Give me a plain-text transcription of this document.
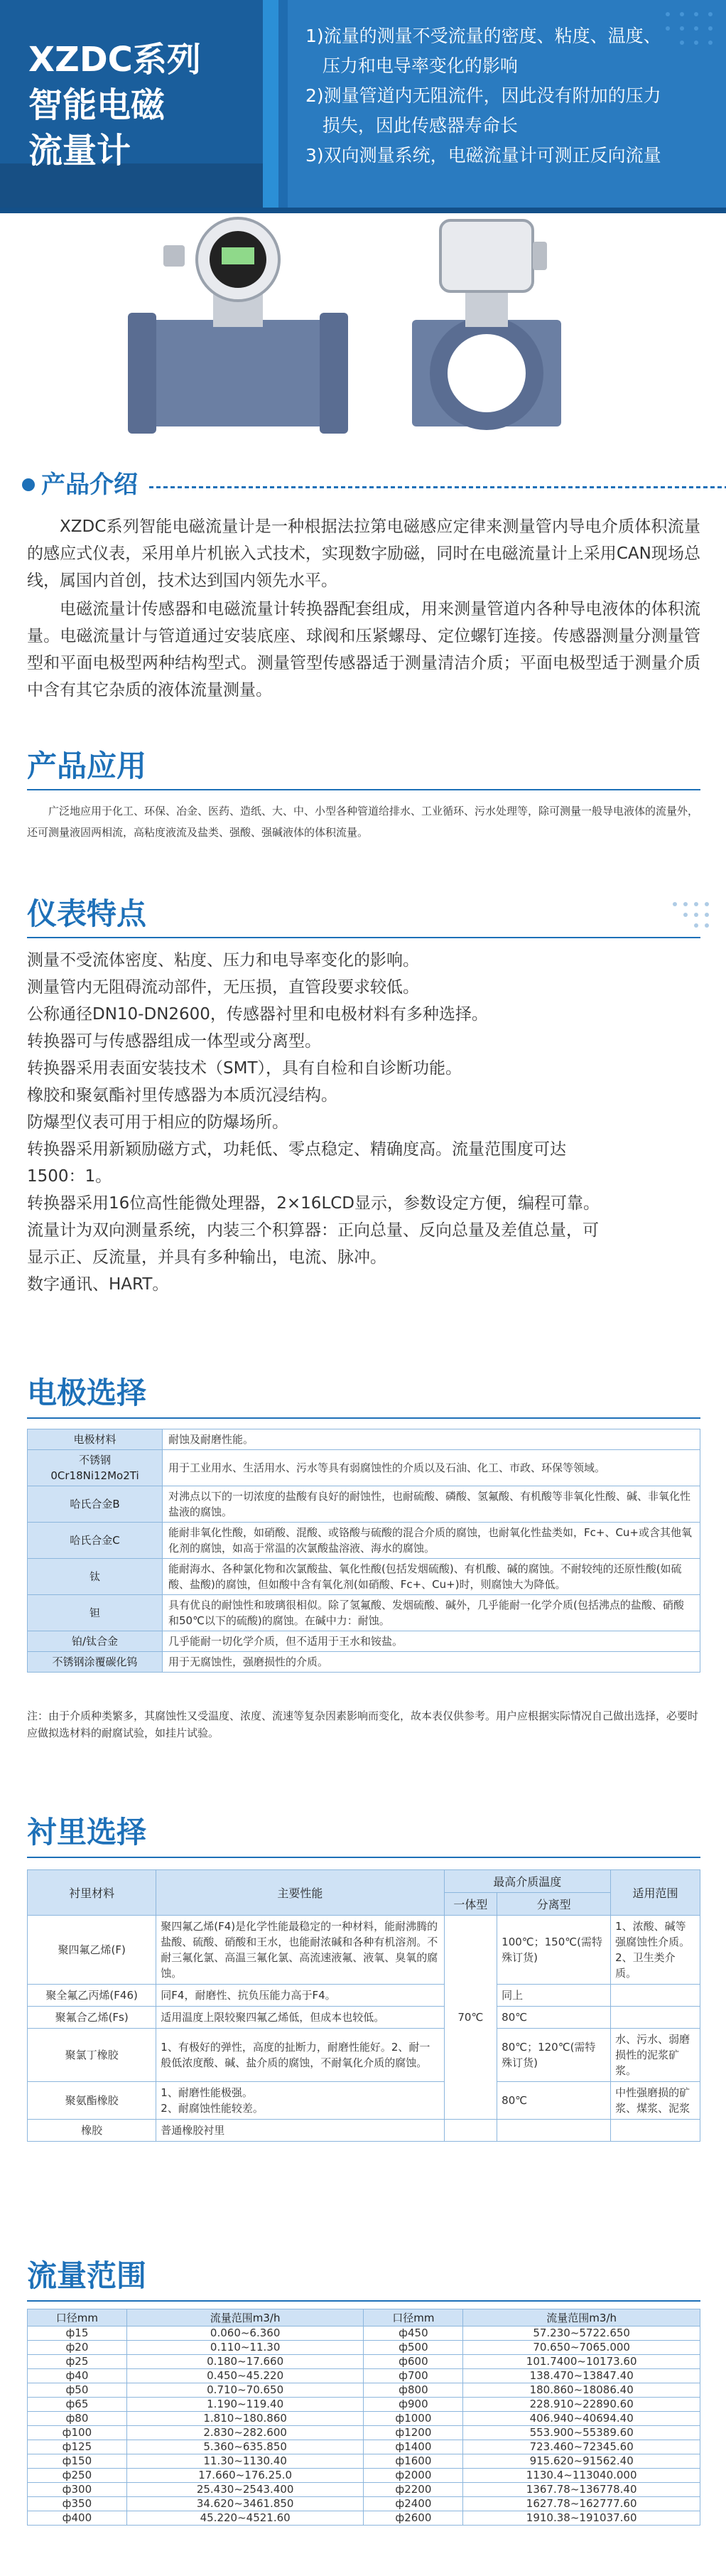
XZDC系列
智能电磁
流量计
1)流量的测量不受流量的密度、粘度、温度、
压力和电导率变化的影响
2)测量管道内无阻流件，因此没有附加的压力
损失，因此传感器寿命长
3)双向测量系统，电磁流量计可测正反向流量
产品介绍
XZDC系列智能电磁流量计是一种根据法拉第电磁感应定律来测量管内导电介质体积流量的感应式仪表，采用单片机嵌入式技术，实现数字励磁，同时在电磁流量计上采用CAN现场总线，属国内首创，技术达到国内领先水平。
电磁流量计传感器和电磁流量计转换器配套组成，用来测量管道内各种导电液体的体积流量。电磁流量计与管道通过安装底座、球阀和压紧螺母、定位螺钉连接。传感器测量分测量管型和平面电极型两种结构型式。测量管型传感器适于测量清洁介质；平面电极型适于测量介质中含有其它杂质的液体流量测量。
产品应用
广泛地应用于化工、环保、冶金、医药、造纸、大、中、小型各种管道给排水、工业循环、污水处理等，除可测量一般导电液体的流量外，还可测量液固两相流，高粘度液流及盐类、强酸、强碱液体的体积流量。
仪表特点
测量不受流体密度、粘度、压力和电导率变化的影响。
测量管内无阻碍流动部件，无压损，直管段要求较低。
公称通径DN10-DN2600，传感器衬里和电极材料有多种选择。
转换器可与传感器组成一体型或分离型。
转换器采用表面安装技术（SMT），具有自检和自诊断功能。
橡胶和聚氨酯衬里传感器为本质沉浸结构。
防爆型仪表可用于相应的防爆场所。
转换器采用新颖励磁方式，功耗低、零点稳定、精确度高。流量范围度可达
1500：1。
转换器采用16位高性能微处理器，2×16LCD显示，参数设定方便，编程可靠。
流量计为双向测量系统，内装三个积算器：正向总量、反向总量及差值总量，可
显示正、反流量，并具有多种输出，电流、脉冲。
数字通讯、HART。
电极选择
电极材料	耐蚀及耐磨性能。
不锈钢
0Cr18Ni12Mo2Ti	用于工业用水、生活用水、污水等具有弱腐蚀性的介质以及石油、化工、市政、环保等领域。
哈氏合金B	对沸点以下的一切浓度的盐酸有良好的耐蚀性，也耐硫酸、磷酸、氢氟酸、有机酸等非氧化性酸、碱、非氧化性盐液的腐蚀。
哈氏合金C	能耐非氧化性酸，如硝酸、混酸、或铬酸与硫酸的混合介质的腐蚀，也耐氧化性盐类如，Fc+、Cu+或含其他氧化剂的腐蚀，如高于常温的次氯酸盐溶液、海水的腐蚀。
钛	能耐海水、各种氯化物和次氯酸盐、氧化性酸(包括发烟硫酸)、有机酸、碱的腐蚀。不耐较纯的还原性酸(如硫酸、盐酸)的腐蚀，但如酸中含有氧化剂(如硝酸、Fc+、Cu+)时，则腐蚀大为降低。
钽	具有优良的耐蚀性和玻璃很相似。除了氢氟酸、发烟硫酸、碱外，几乎能耐一化学介质(包括沸点的盐酸、硝酸和50℃以下的硫酸)的腐蚀。在碱中力：耐蚀。
铂/钛合金	几乎能耐一切化学介质，但不适用于王水和铵盐。
不锈钢涂覆碳化钨	用于无腐蚀性，强磨损性的介质。
注：由于介质种类繁多，其腐蚀性又受温度、浓度、流速等复杂因素影响而变化，故本表仅供参考。用户应根据实际情况自己做出选择，必要时应做拟选材料的耐腐试验，如挂片试验。
衬里选择
衬里材料	主要性能	最高介质温度		适用范围
		一体型	分离型	
聚四氟乙烯(F)	聚四氟乙烯(F4)是化学性能最稳定的一种材料，能耐沸腾的盐酸、硫酸、硝酸和王水，也能耐浓碱和各种有机溶剂。不耐三氟化氯、高温三氟化氯、高流速液氟、液氧、臭氧的腐蚀。	70℃	100℃；150℃(需特殊订货)	1、浓酸、碱等强腐蚀性介质。
2、卫生类介质。
聚全氟乙丙烯(F46)	同F4，耐磨性、抗负压能力高于F4。		同上	
聚氟合乙烯(Fs)	适用温度上限较聚四氟乙烯低，但成本也较低。		80℃	
聚氯丁橡胶	1、有极好的弹性，高度的扯断力，耐磨性能好。2、耐一般低浓度酸、碱、盐介质的腐蚀，不耐氧化介质的腐蚀。		80℃；120℃(需特殊订货)	水、污水、弱磨损性的泥浆矿浆。
聚氨酯橡胶	1、耐磨性能极强。
2、耐腐蚀性能较差。		80℃	中性强磨损的矿浆、煤浆、泥浆
橡胶	普通橡胶衬里			
流量范围
口径mm	流量范围m3/h	口径mm	流量范围m3/h
ф15	0.060~6.360	ф450	57.230~5722.650
ф20	0.110~11.30	ф500	70.650~7065.000
ф25	0.180~17.660	ф600	101.7400~10173.60
ф40	0.450~45.220	ф700	138.470~13847.40
ф50	0.710~70.650	ф800	180.860~18086.40
ф65	1.190~119.40	ф900	228.910~22890.60
ф80	1.810~180.860	ф1000	406.940~40694.40
ф100	2.830~282.600	ф1200	553.900~55389.60
ф125	5.360~635.850	ф1400	723.460~72345.60
ф150	11.30~1130.40	ф1600	915.620~91562.40
ф250	17.660~176.25.0	ф2000	1130.4~113040.000
ф300	25.430~2543.400	ф2200	1367.78~136778.40
ф350	34.620~3461.850	ф2400	1627.78~162777.60
ф400	45.220~4521.60	ф2600	1910.38~191037.60
